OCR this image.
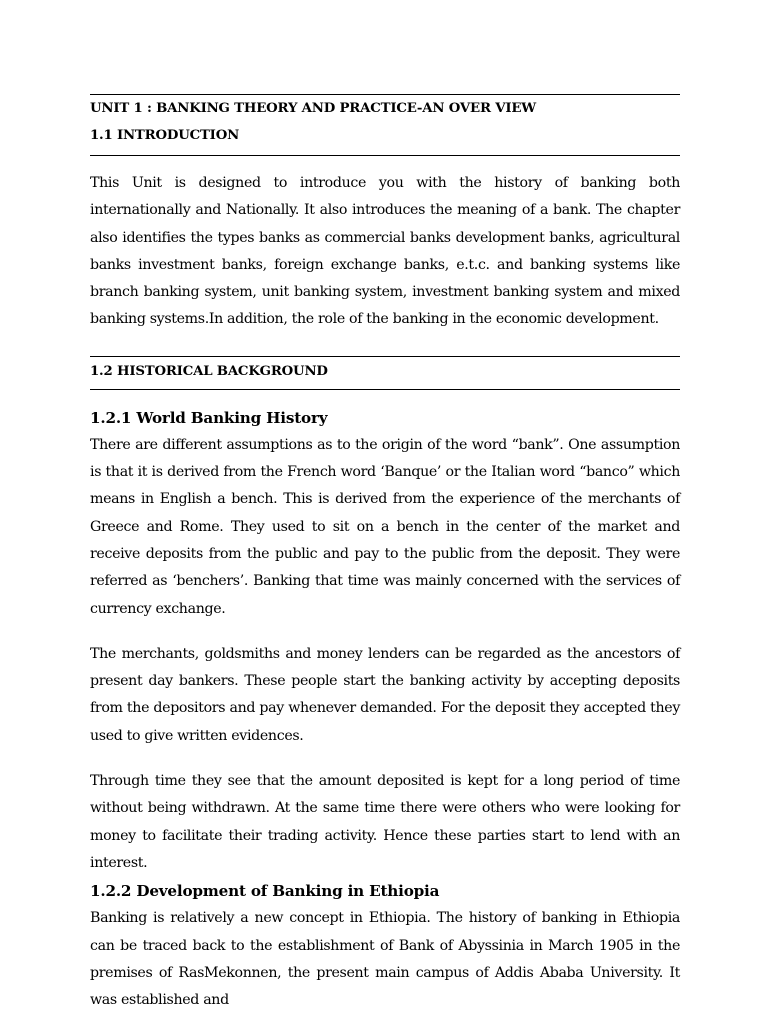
UNIT 1 : BANKING THEORY AND PRACTICE-AN OVER VIEW
1.1 INTRODUCTION

This Unit is designed to introduce you with the history of banking both internationally and Nationally. It also introduces the meaning of a bank. The chapter also identifies the types banks as commercial banks development banks, agricultural banks investment banks, foreign exchange banks, e.t.c. and banking systems like branch banking system, unit banking system, investment banking system and mixed banking systems.In addition, the role of the banking in the economic development.

1.2 HISTORICAL BACKGROUND
1.2.1 World Banking History

There are different assumptions as to the origin of the word “bank”. One assumption is that it is derived from the French word ‘Banque’ or the Italian word “banco” which means in English a bench. This is derived from the experience of the merchants of Greece and Rome. They used to sit on a bench in the center of the market and receive deposits from the public and pay to the public from the deposit. They were referred as ‘benchers’. Banking that time was mainly concerned with the services of currency exchange.

The merchants, goldsmiths and money lenders can be regarded as the ancestors of present day bankers. These people start the banking activity by accepting deposits from the depositors and pay whenever demanded. For the deposit they accepted they used to give written evidences.

Through time they see that the amount deposited is kept for a long period of time without being withdrawn. At the same time there were others who were looking for money to facilitate their trading activity. Hence these parties start to lend with an interest.

1.2.2 Development of Banking in Ethiopia

Banking is relatively a new concept in Ethiopia. The history of banking in Ethiopia can be traced back to the establishment of Bank of Abyssinia in March 1905 in the premises of RasMekonnen, the present main campus of Addis Ababa University. It was established and
